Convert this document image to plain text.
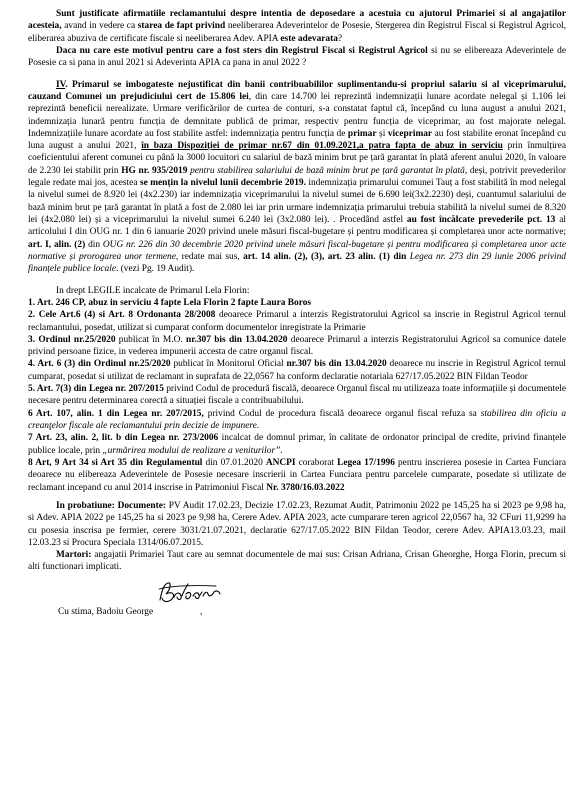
Sunt justificate afirmatiile reclamantului despre intentia de deposedare a acestuia cu ajutorul Primariei si al angajatilor acesteia, avand in vedere ca starea de fapt privind neeliberarea Adeverintelor de Posesie, Stergerea din Registrul Fiscal si Registrul Agricol, eliberarea abuziva de certificate fiscale si neeliberarea Adev. APIA este adevarata?

Daca nu care este motivul pentru care a fost sters din Registrul Fiscal si Registrul Agricol si nu se elibereaza Adeverintele de Posesie ca si pana in anul 2021 si Adeverinta APIA ca pana in anul 2022 ?

IV. Primarul se imbogateste nejustificat din banii contribuabililor suplimentandu-si propriul salariu si al viceprimarului, cauzand Comunei un prejudiciului cert de 15.806 lei, din care 14.700 lei reprezintă indemnizații lunare acordate nelegal și 1.106 lei reprezintă beneficii nerealizate. Urmare verificărilor de curtea de conturi, s-a constatat faptul că, începând cu luna august a anului 2021, indemnizația lunară pentru funcția de demnitate publică de primar, respectiv pentru funcția de viceprimar, au fost majorate nelegal. Indemnizațiile lunare acordate au fost stabilite astfel: indemnizația pentru funcția de primar și viceprimar au fost stabilite eronat începând cu luna august a anului 2021, în baza Dispoziției de primar nr.67 din 01.09.2021,a patra fapta de abuz in serviciu prin înmulțirea coeficientului aferent comunei cu până la 3000 locuitori cu salariul de bază minim brut pe țară garantat în plată aferent anului 2020, în valoare de 2.230 lei stabilit prin HG nr. 935/2019 pentru stabilirea salariului de bază minim brut pe țară garantat în plată, deși, potrivit prevederilor legale redate mai jos, acestea se mențin la nivelul lunii decembrie 2019. indemnizația primarului comunei Tauț a fost stabilită în mod nelegal la nivelul sumei de 8.920 lei (4x2.230) iar indemnizația viceprimarului la nivelul sumei de 6.690 lei(3x2.2230) deși, cuantumul salariului de bază minim brut pe țară garantat în plată a fost de 2.080 lei iar prin urmare indemnizația primarului trebuia stabilită la nivelul sumei de 8.320 lei (4x2.080 lei) și a viceprimarului la nivelul sumei 6.240 lei (3x2.080 lei). . Procedând astfel au fost încălcate prevederile pct. 13 al articolului I din OUG nr. 1 din 6 ianuarie 2020 privind unele măsuri fiscal-bugetare și pentru modificarea și completarea unor acte normative; art. I, alin. (2) din OUG nr. 226 din 30 decembrie 2020 privind unele măsuri fiscal-bugetare și pentru modificarea și completarea unor acte normative și prorogarea unor termene, redate mai sus, art. 14 alin. (2), (3), art. 23 alin. (1) din Legea nr. 273 din 29 iunie 2006 privind finanțele publice locale. (vezi Pg. 19 Audit).

In drept LEGILE incalcate de Primarul Lela Florin:

1. Art. 246 CP, abuz in serviciu 4 fapte Lela Florin 2 fapte Laura Boros

2. Cele Art.6 (4) si Art. 8 Ordonanta 28/2008 deoarece Primarul a interzis Registratorului Agricol sa inscrie in Registrul Agricol ternul reclamantului, posedat, utilizat si cumparat conform documentelor inregistrate la Primarie

3. Ordinul nr.25/2020 publicat în M.O. nr.307 bis din 13.04.2020 deoarece Primarul a interzis Registratorului Agricol sa comunice datele privind persoane fizice, in vederea impunerii accesta de catre organul fiscal.

4. Art. 6 (3) din Ordinul nr.25/2020 publicat în Monitorul Oficial nr.307 bis din 13.04.2020 deoarece nu inscrie in Registrul Agricol ternul cumparat, posedat si utilizat de reclamant in suprafata de 22,0567 ha conform declaratie notariala 627/17.05.2022 BIN Fildan Teodor

5. Art. 7(3) din Legea nr. 207/2015 privind Codul de procedură fiscală, deoarece Organul fiscal nu utilizeaza toate informațiile și documentele necesare pentru determinarea corectă a situației fiscale a contribuabilului.

6 Art. 107, alin. 1 din Legea nr. 207/2015, privind Codul de procedura fiscală deoarece organul fiscal refuza sa stabilirea din oficiu a creanţelor fiscale ale reclamantului prin decizie de impunere.

7 Art. 23, alin. 2, lit. b din Legea nr. 273/2006 incalcat de domnul primar, în calitate de ordonator principal de credite, privind finanțele publice locale, prin „urmărirea modului de realizare a veniturilor”.

8 Art, 9 Art 34 si Art 35 din Regulamentul din 07.01.2020 ANCPI coraborat Legea 17/1996 pentru inscrierea posesie in Cartea Funciara deoarece nu elibereaza Adeverintele de Posesie necesare inscrierii in Cartea Funciara pentru parcelele cumparate, posedate si utilizate de reclamant incepand cu anul 2014 inscrise in Patrimoniul Fiscal Nr. 3780/16.03.2022

In probatiune: Documente: PV Audit 17.02.23, Decizie 17.02.23, Rezumat Audit, Patrimoniu 2022 pe 145,25 ha si 2023 pe 9,98 ha, si Adev. APIA 2022 pe 145,25 ha si 2023 pe 9,98 ha, Cerere Adev. APIA 2023, acte cumparare teren agricol 22,0567 ha, 32 CFuri 11,9299 ha cu posesia inscrisa pe fermier, cerere 3031/21.07.2021, declaratie 627/17.05.2022 BIN Fildan Teodor, cerere Adev. APIA13.03.23, mail 12.03.23 si Procura Speciala 1314/06.07.2015.

Martori: angajatii Primariei Taut care au semnat documentele de mai sus: Crisan Adriana, Crisan Gheorghe, Horga Florin, precum si alti functionari implicati.

Cu stima, Badoiu George	,
